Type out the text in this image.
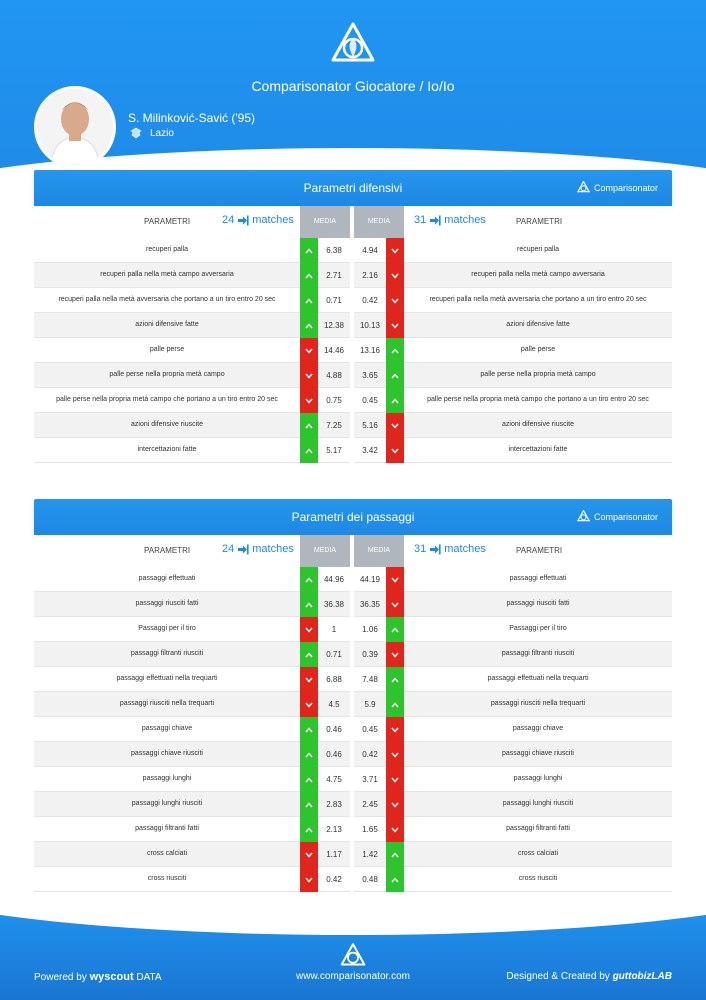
Comparisonator Giocatore / Io/Io
S. Milinković-Savić ('95)
Lazio
Parametri difensivi	Comparisonator
PARAMETRI	24 matches	MEDIA	MEDIA	31 matches	PARAMETRI
recuperi palla	6.38	4.94	recuperi palla
recuperi palla nella metà campo avversaria	2.71	2.16	recuperi palla nella metà campo avversaria
recuperi palla nella metà avversaria che portano a un tiro entro 20 sec	0.71	0.42	recuperi palla nella metà avversaria che portano a un tiro entro 20 sec
azioni difensive fatte	12.38	10.13	azioni difensive fatte
palle perse	14.46	13.16	palle perse
palle perse nella propria metà campo	4.88	3.65	palle perse nella propria metà campo
palle perse nella propria metà campo che portano a un tiro entro 20 sec	0.75	0.45	palle perse nella propria metà campo che portano a un tiro entro 20 sec
azioni difensive riuscite	7.25	5.16	azioni difensive riuscite
intercettazioni fatte	5.17	3.42	intercettazioni fatte
Parametri dei passaggi	Comparisonator
PARAMETRI	24 matches	MEDIA	MEDIA	31 matches	PARAMETRI
passaggi effettuati	44.96	44.19	passaggi effettuati
passaggi riusciti fatti	36.38	36.35	passaggi riusciti fatti
Passaggi per il tiro	1	1.06	Passaggi per il tiro
passaggi filtranti riusciti	0.71	0.39	passaggi filtranti riusciti
passaggi effettuati nella trequarti	6.88	7.48	passaggi effettuati nella trequarti
passaggi riusciti nella trequarti	4.5	5.9	passaggi riusciti nella trequarti
passaggi chiave	0.46	0.45	passaggi chiave
passaggi chiave riusciti	0.46	0.42	passaggi chiave riusciti
passaggi lunghi	4.75	3.71	passaggi lunghi
passaggi lunghi riusciti	2.83	2.45	passaggi lunghi riusciti
passaggi filtranti fatti	2.13	1.65	passaggi filtranti fatti
cross calciati	1.17	1.42	cross calciati
cross riusciti	0.42	0.48	cross riusciti
Powered by wyscout DATA	www.comparisonator.com	Designed & Created by guttobizLAB
